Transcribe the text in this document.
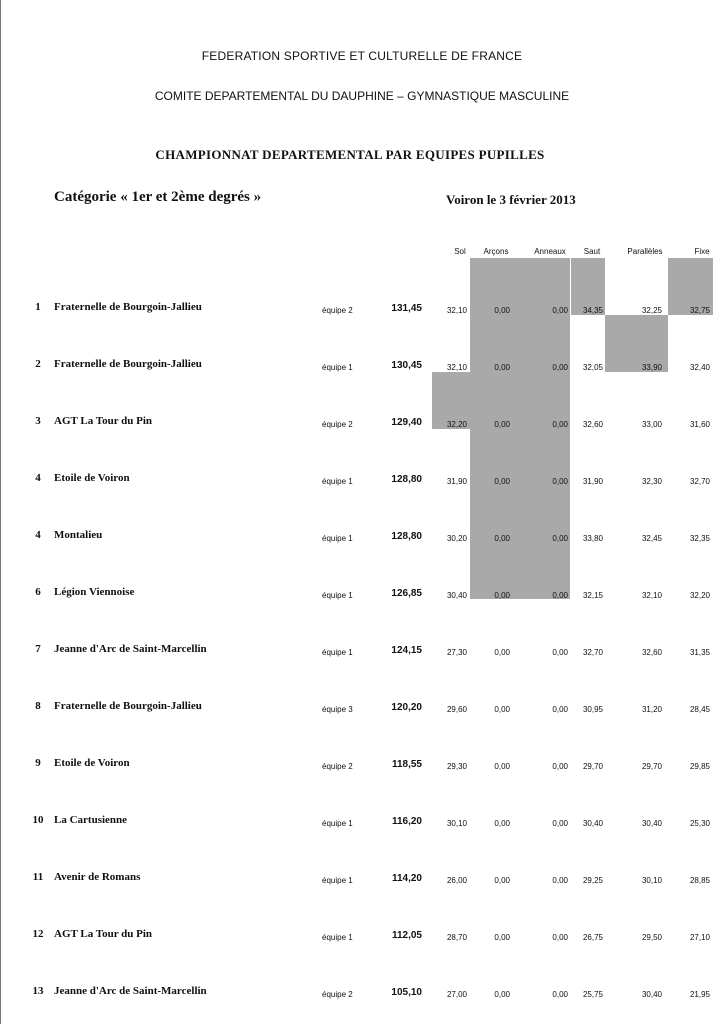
FEDERATION SPORTIVE ET CULTURELLE DE FRANCE
COMITE DEPARTEMENTAL DU DAUPHINE – GYMNASTIQUE MASCULINE
CHAMPIONNAT DEPARTEMENTAL PAR EQUIPES PUPILLES
Catégorie « 1er et 2ème degrés »	Voiron le 3 février 2013
Sol	Arçons	Anneaux	Saut	Parallèles	Fixe
1	Fraternelle de Bourgoin-Jallieu	équipe 2	131,45	32,10	0,00	0,00	34,35	32,25	32,75
2	Fraternelle de Bourgoin-Jallieu	équipe 1	130,45	32,10	0,00	0,00	32,05	33,90	32,40
3	AGT La Tour du Pin	équipe 2	129,40	32,20	0,00	0,00	32,60	33,00	31,60
4	Etoile de Voiron	équipe 1	128,80	31,90	0,00	0,00	31,90	32,30	32,70
4	Montalieu	équipe 1	128,80	30,20	0,00	0,00	33,80	32,45	32,35
6	Légion Viennoise	équipe 1	126,85	30,40	0,00	0,00	32,15	32,10	32,20
7	Jeanne d'Arc de Saint-Marcellin	équipe 1	124,15	27,30	0,00	0,00	32,70	32,60	31,35
8	Fraternelle de Bourgoin-Jallieu	équipe 3	120,20	29,60	0,00	0,00	30,95	31,20	28,45
9	Etoile de Voiron	équipe 2	118,55	29,30	0,00	0,00	29,70	29,70	29,85
10 La Cartusienne	équipe 1	116,20	30,10	0,00	0,00	30,40	30,40	25,30
11 Avenir de Romans	équipe 1	114,20	26,00	0,00	0,00	29,25	30,10	28,85
12 AGT La Tour du Pin	équipe 1	112,05	28,70	0,00	0,00	26,75	29,50	27,10
13 Jeanne d'Arc de Saint-Marcellin	équipe 2	105,10	27,00	0,00	0,00	25,75	30,40	21,95
